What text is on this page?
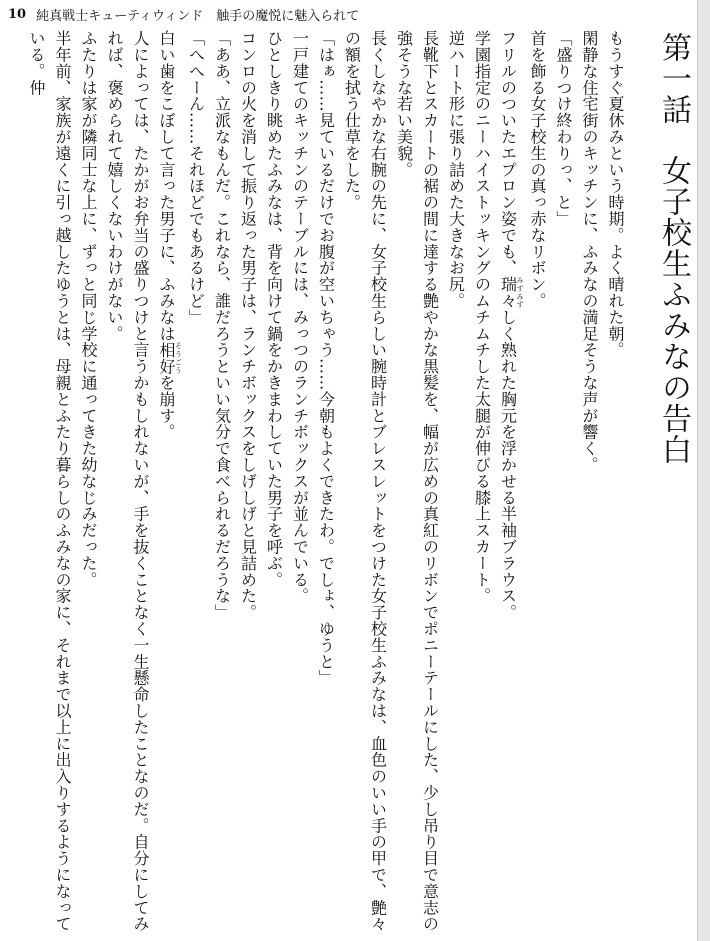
10 純真戦士キューティウィンド　触手の魔悦に魅入られて
第一話女子校生ふみなの告白

もうすぐ夏休みという時期。よく晴れた朝。

閑静な住宅街のキッチンに、ふみなの満足そうな声が響く。

「盛りつけ終わりっ、と」

首を飾る女子校生の真っ赤なリボン。

フリルのついたエプロン姿でも、瑞々みずみずしく熟れた胸元を浮かせる半袖ブラウス。

学園指定のニーハイストッキングのムチムチした太腿が伸びる膝上スカート。

逆ハート形に張り詰めた大きなお尻。

長靴下とスカートの裾の間に達する艶やかな黒髪を、幅が広めの真紅のリボンでポニーテールにした、少し吊り目で意志の強そうな若い美貌。

長くしなやかな右腕の先に、女子校生らしい腕時計とブレスレットをつけた女子校生ふみなは、血色のいい手の甲で、艶々の額を拭う仕草をした。

「はぁ……見ているだけでお腹が空いちゃう……今朝もよくできたわ。でしょ、ゆうと」

一戸建てのキッチンのテーブルには、みっつのランチボックスが並んでいる。

ひとしきり眺めたふみなは、背を向けて鍋をかきまわしていた男子を呼ぶ。

コンロの火を消して振り返った男子は、ランチボックスをしげしげと見詰めた。

「ああ、立派なもんだ。これなら、誰だろうといい気分で食べられるだろうな」

「へへーん……それほどでもあるけど」

白い歯をこぼして言った男子に、ふみなは相好そうごうを崩す。

人によっては、たかがお弁当の盛りつけと言うかもしれないが、手を抜くことなく一生懸命したことなのだ。自分にしてみれば、褒められて嬉しくないわけがない。

ふたりは家が隣同士な上に、ずっと同じ学校に通ってきた幼なじみだった。

半年前、家族が遠くに引っ越したゆうとは、母親とふたり暮らしのふみなの家に、それまで以上に出入りするようになっている。仲
